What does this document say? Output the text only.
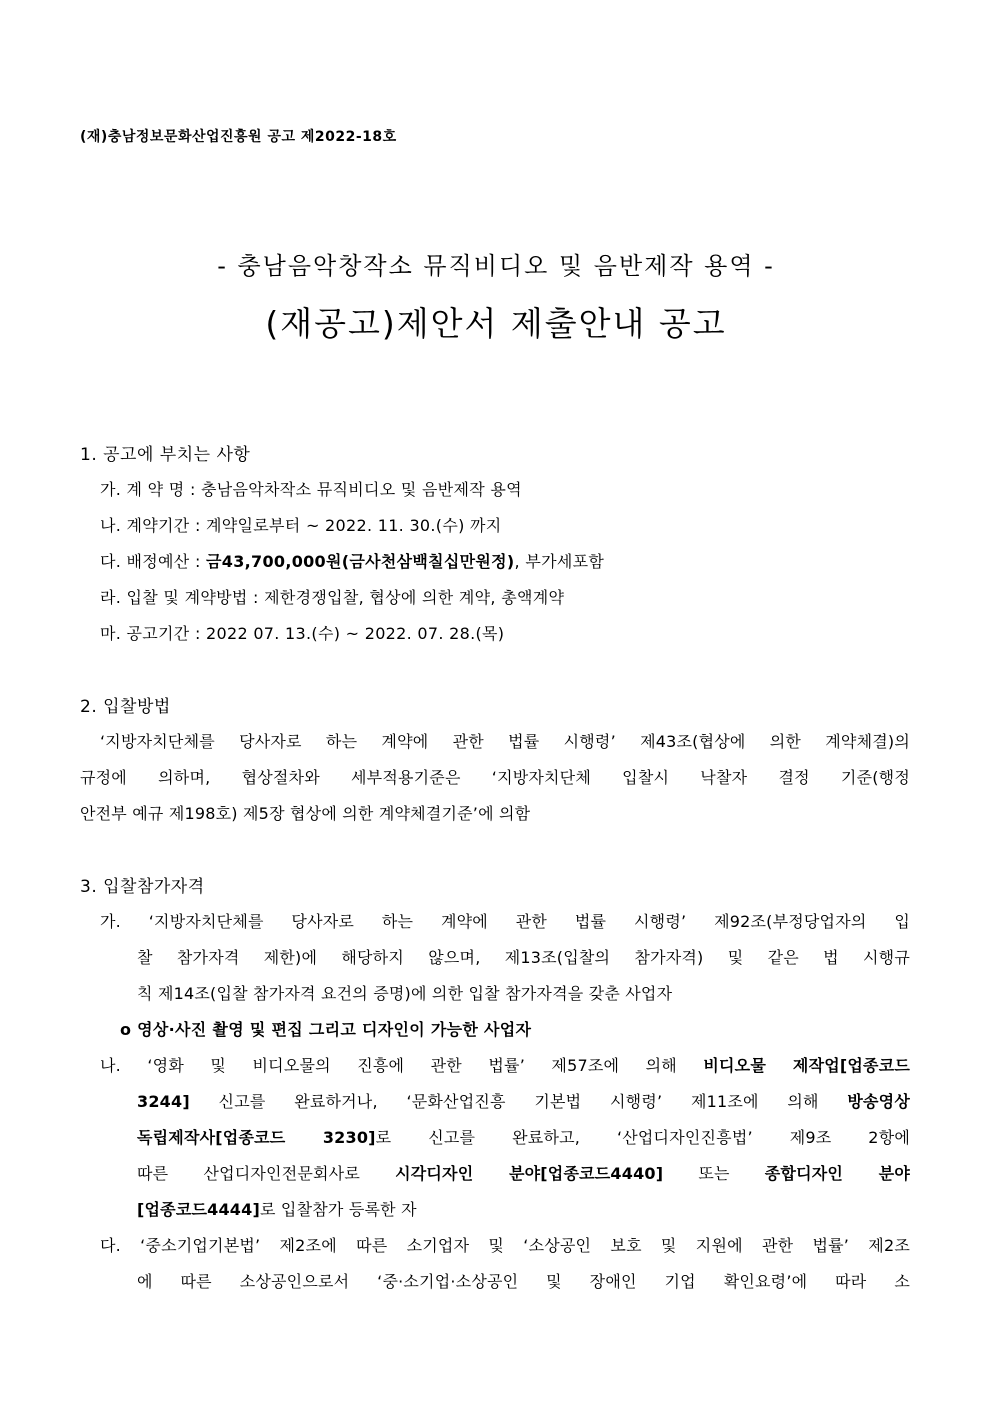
(재)충남정보문화산업진흥원 공고 제2022-18호
- 충남음악창작소 뮤직비디오 및 음반제작 용역 -
(재공고)제안서 제출안내 공고
1. 공고에 부치는 사항
가. 계 약 명 : 충남음악차작소 뮤직비디오 및 음반제작 용역
나. 계약기간 : 계약일로부터 ~ 2022. 11. 30.(수) 까지
다. 배정예산 : 금43,700,000원(금사천삼백칠십만원정), 부가세포함
라. 입찰 및 계약방법 : 제한경쟁입찰, 협상에 의한 계약, 총액계약
마. 공고기간 : 2022 07. 13.(수) ~ 2022. 07. 28.(목)
2. 입찰방법
‘지방자치단체를 당사자로 하는 계약에 관한 법률 시행령’ 제43조(협상에 의한 계약체결)의
규정에 의하며, 협상절차와 세부적용기준은 ‘지방자치단체 입찰시 낙찰자 결정 기준(행정
안전부 예규 제198호) 제5장 협상에 의한 계약체결기준’에 의함
3. 입찰참가자격
가. ‘지방자치단체를 당사자로 하는 계약에 관한 법률 시행령’ 제92조(부정당업자의 입
찰 참가자격 제한)에 해당하지 않으며, 제13조(입찰의 참가자격) 및 같은 법 시행규
칙 제14조(입찰 참가자격 요건의 증명)에 의한 입찰 참가자격을 갖춘 사업자
o 영상·사진 촬영 및 편집 그리고 디자인이 가능한 사업자
나. ‘영화 및 비디오물의 진흥에 관한 법률’ 제57조에 의해 비디오물 제작업[업종코드
3244] 신고를 완료하거나, ‘문화산업진흥 기본법 시행령’ 제11조에 의해 방송영상
독립제작사[업종코드 3230]로 신고를 완료하고, ‘산업디자인진흥법’ 제9조 2항에
따른 산업디자인전문회사로 시각디자인 분야[업종코드4440] 또는 종합디자인 분야
[업종코드4444]로 입찰참가 등록한 자
다. ‘중소기업기본법’ 제2조에 따른 소기업자 및 ‘소상공인 보호 및 지원에 관한 법률’ 제2조
에 따른 소상공인으로서 ‘중·소기업·소상공인 및 장애인 기업 확인요령’에 따라 소
